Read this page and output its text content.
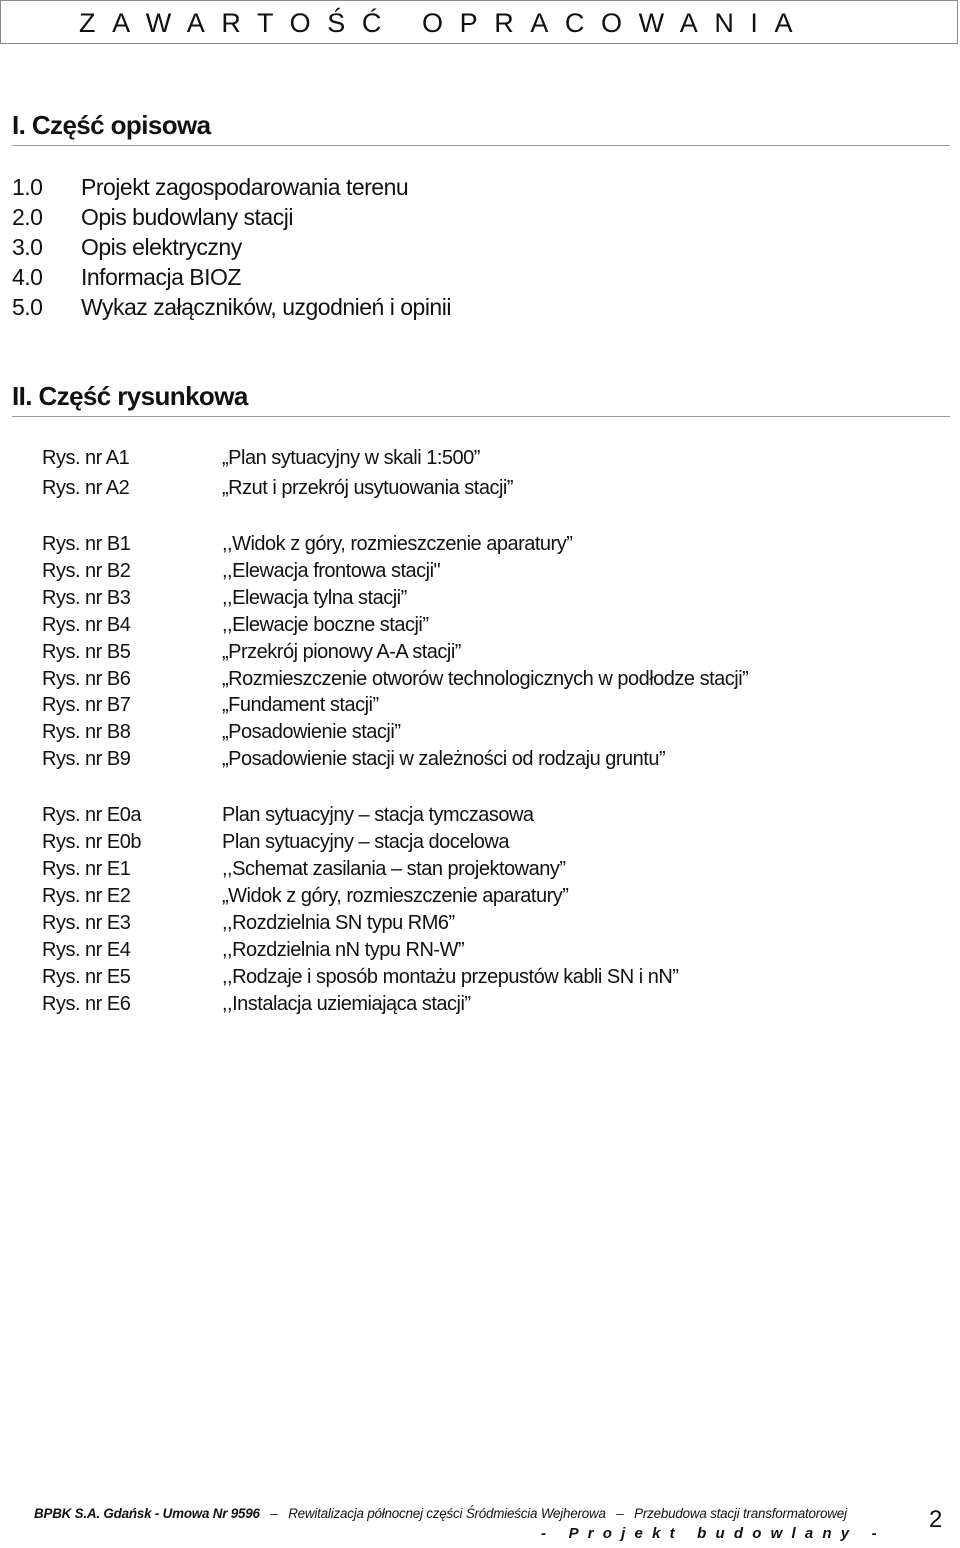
ZAWARTOŚĆ OPRACOWANIA
I. Część opisowa
1.0 Projekt zagospodarowania terenu
2.0 Opis budowlany stacji
3.0 Opis elektryczny
4.0 Informacja BIOZ
5.0 Wykaz załączników, uzgodnień i opinii
II. Część rysunkowa
Rys. nr A1	„Plan sytuacyjny w skali 1:500”
Rys. nr A2	„Rzut i przekrój usytuowania stacji”
Rys. nr B1	,,Widok z góry, rozmieszczenie aparatury”
Rys. nr B2	,,Elewacja frontowa stacji"
Rys. nr B3	,,Elewacja tylna stacji”
Rys. nr B4	,,Elewacje boczne stacji”
Rys. nr B5	„Przekrój pionowy A-A stacji”
Rys. nr B6	„Rozmieszczenie otworów technologicznych w podłodze stacji”
Rys. nr B7	„Fundament stacji”
Rys. nr B8	„Posadowienie stacji”
Rys. nr B9	„Posadowienie stacji w zależności od rodzaju gruntu”
Rys. nr E0a	Plan sytuacyjny – stacja tymczasowa
Rys. nr E0b	Plan sytuacyjny – stacja docelowa
Rys. nr E1	,,Schemat zasilania – stan projektowany”
Rys. nr E2	„Widok z góry, rozmieszczenie aparatury”
Rys. nr E3	,,Rozdzielnia SN typu RM6”
Rys. nr E4	,,Rozdzielnia nN typu RN-W”
Rys. nr E5	,,Rodzaje i sposób montażu przepustów kabli SN i nN”
Rys. nr E6	,,Instalacja uziemiająca stacji”
BPBK S.A. Gdańsk - Umowa Nr 9596   –   Rewitalizacja północnej części Śródmieścia Wejherowa   –   Przebudowa stacji transformatorowej
- Projekt budowlany -
2
